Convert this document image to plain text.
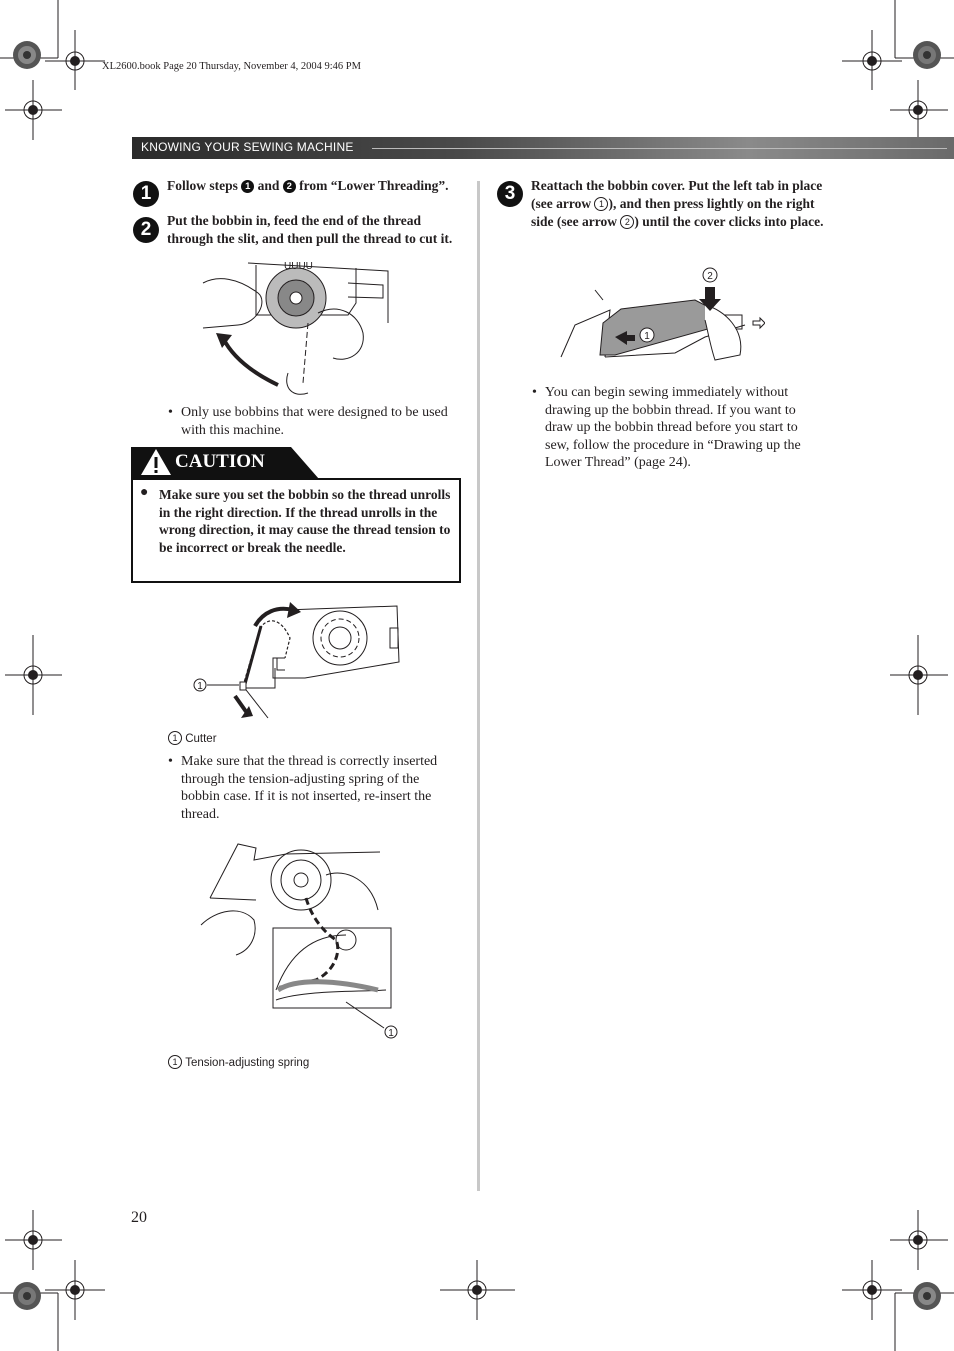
XL2600.book Page 20 Thursday, November 4, 2004 9:46 PM
KNOWING YOUR SEWING MACHINE
1	Follow steps 1 and 2 from “Lower Threading”.
2	Put the bobbin in, feed the end of the thread through the slit, and then pull the thread to cut it.
UUUU
• Only use bobbins that were designed to be used with this machine.
CAUTION
● Make sure you set the bobbin so the thread unrolls in the right direction. If the thread unrolls in the wrong direction, it may cause the thread tension to be incorrect or break the needle.
1
1 Cutter
• Make sure that the thread is correctly inserted through the tension-adjusting spring of the bobbin case. If it is not inserted, re-insert the thread.
1
1 Tension-adjusting spring
3	Reattach the bobbin cover. Put the left tab in place (see arrow 1 ), and then press lightly on the right side (see arrow 2 ) until the cover clicks into place.
2
1
• You can begin sewing immediately without drawing up the bobbin thread. If you want to draw up the bobbin thread before you start to sew, follow the procedure in “Drawing up the Lower Thread” (page 24).
20
